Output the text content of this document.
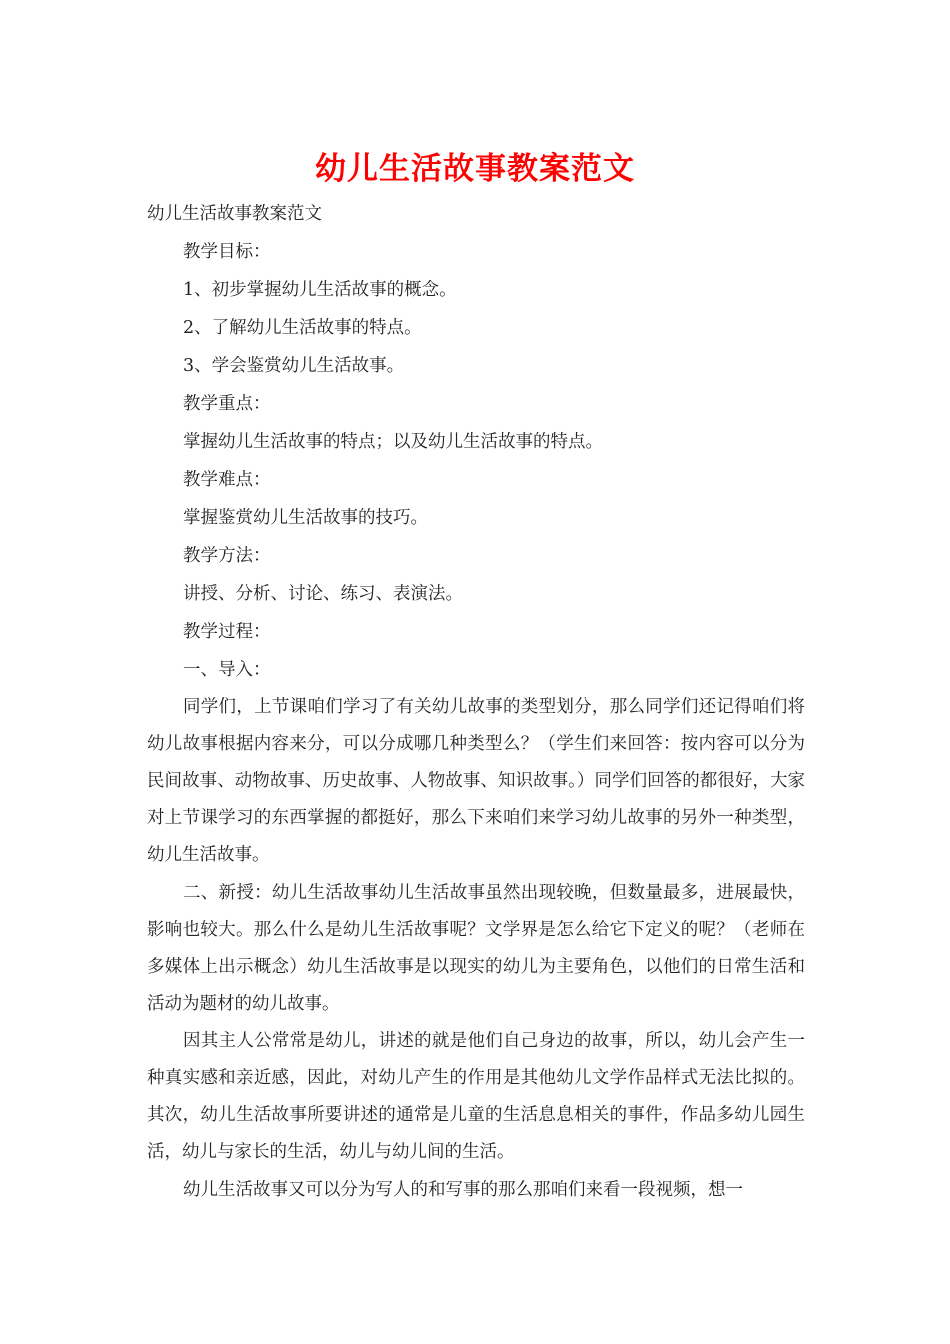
幼儿生活故事教案范文
幼儿生活故事教案范文
教学目标：
1、初步掌握幼儿生活故事的概念。
2、了解幼儿生活故事的特点。
3、学会鉴赏幼儿生活故事。
教学重点：
掌握幼儿生活故事的特点；以及幼儿生活故事的特点。
教学难点：
掌握鉴赏幼儿生活故事的技巧。
教学方法：
讲授、分析、讨论、练习、表演法。
教学过程：
一、导入：

同学们，上节课咱们学习了有关幼儿故事的类型划分，那么同学们还记得咱们将幼儿故事根据内容来分，可以分成哪几种类型么？（学生们来回答：按内容可以分为民间故事、动物故事、历史故事、人物故事、知识故事。）同学们回答的都很好，大家对上节课学习的东西掌握的都挺好，那么下来咱们来学习幼儿故事的另外一种类型，幼儿生活故事。

二、新授：幼儿生活故事幼儿生活故事虽然出现较晚，但数量最多，进展最快，影响也较大。那么什么是幼儿生活故事呢？文学界是怎么给它下定义的呢？（老师在多媒体上出示概念）幼儿生活故事是以现实的幼儿为主要角色，以他们的日常生活和活动为题材的幼儿故事。

因其主人公常常是幼儿，讲述的就是他们自己身边的故事，所以，幼儿会产生一种真实感和亲近感，因此，对幼儿产生的作用是其他幼儿文学作品样式无法比拟的。其次，幼儿生活故事所要讲述的通常是儿童的生活息息相关的事件，作品多幼儿园生活，幼儿与家长的生活，幼儿与幼儿间的生活。

幼儿生活故事又可以分为写人的和写事的那么那咱们来看一段视频，想一
